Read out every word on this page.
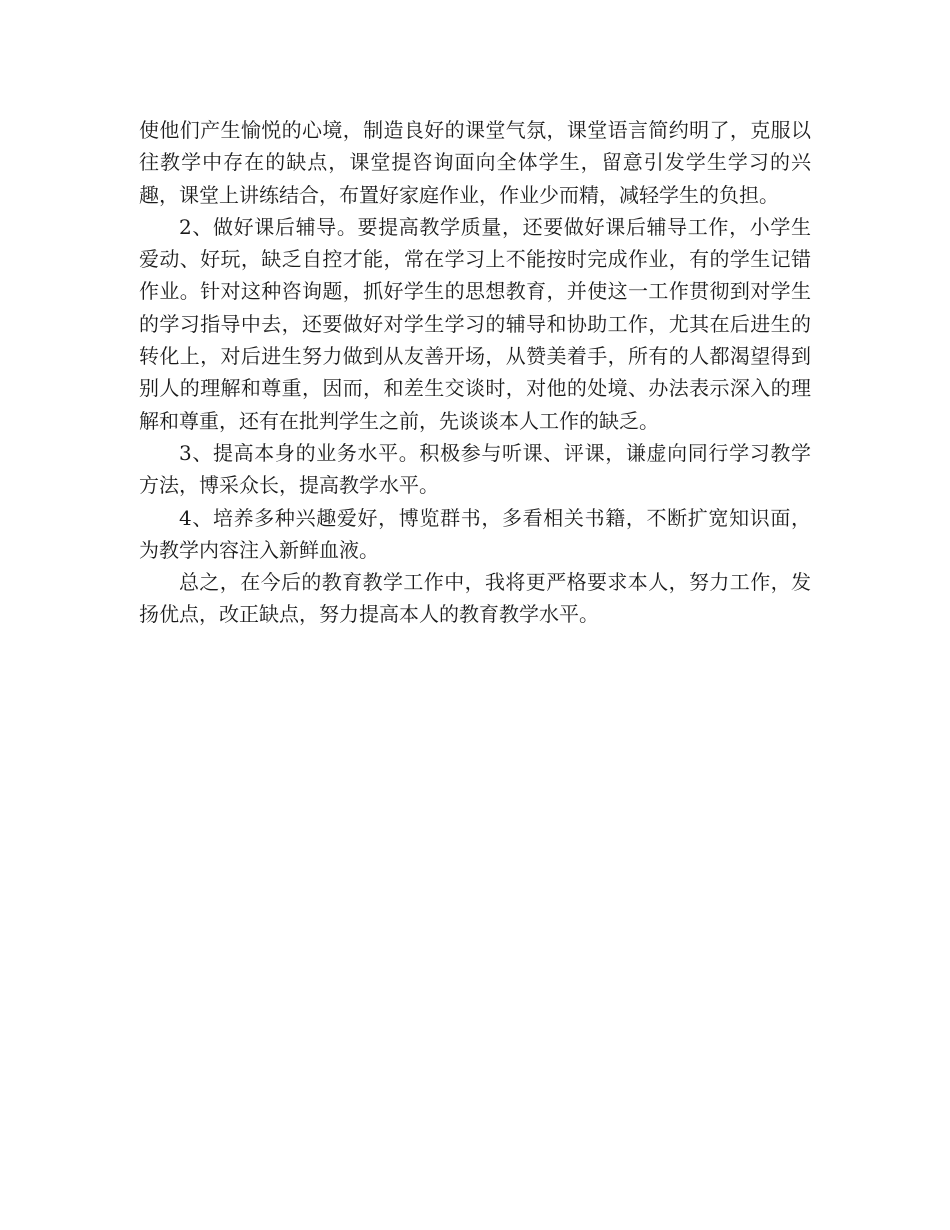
使他们产生愉悦的心境，制造良好的课堂气氛，课堂语言简约明了，克服以往教学中存在的缺点，课堂提咨询面向全体学生，留意引发学生学习的兴趣，课堂上讲练结合，布置好家庭作业，作业少而精，减轻学生的负担。

2、做好课后辅导。要提高教学质量，还要做好课后辅导工作，小学生爱动、好玩，缺乏自控才能，常在学习上不能按时完成作业，有的学生记错作业。针对这种咨询题，抓好学生的思想教育，并使这一工作贯彻到对学生的学习指导中去，还要做好对学生学习的辅导和协助工作，尤其在后进生的转化上，对后进生努力做到从友善开场，从赞美着手，所有的人都渴望得到别人的理解和尊重，因而，和差生交谈时，对他的处境、办法表示深入的理解和尊重，还有在批判学生之前，先谈谈本人工作的缺乏。

3、提高本身的业务水平。积极参与听课、评课，谦虚向同行学习教学方法，博采众长，提高教学水平。

4、培养多种兴趣爱好，博览群书，多看相关书籍，不断扩宽知识面，为教学内容注入新鲜血液。

总之，在今后的教育教学工作中，我将更严格要求本人，努力工作，发扬优点，改正缺点，努力提高本人的教育教学水平。
